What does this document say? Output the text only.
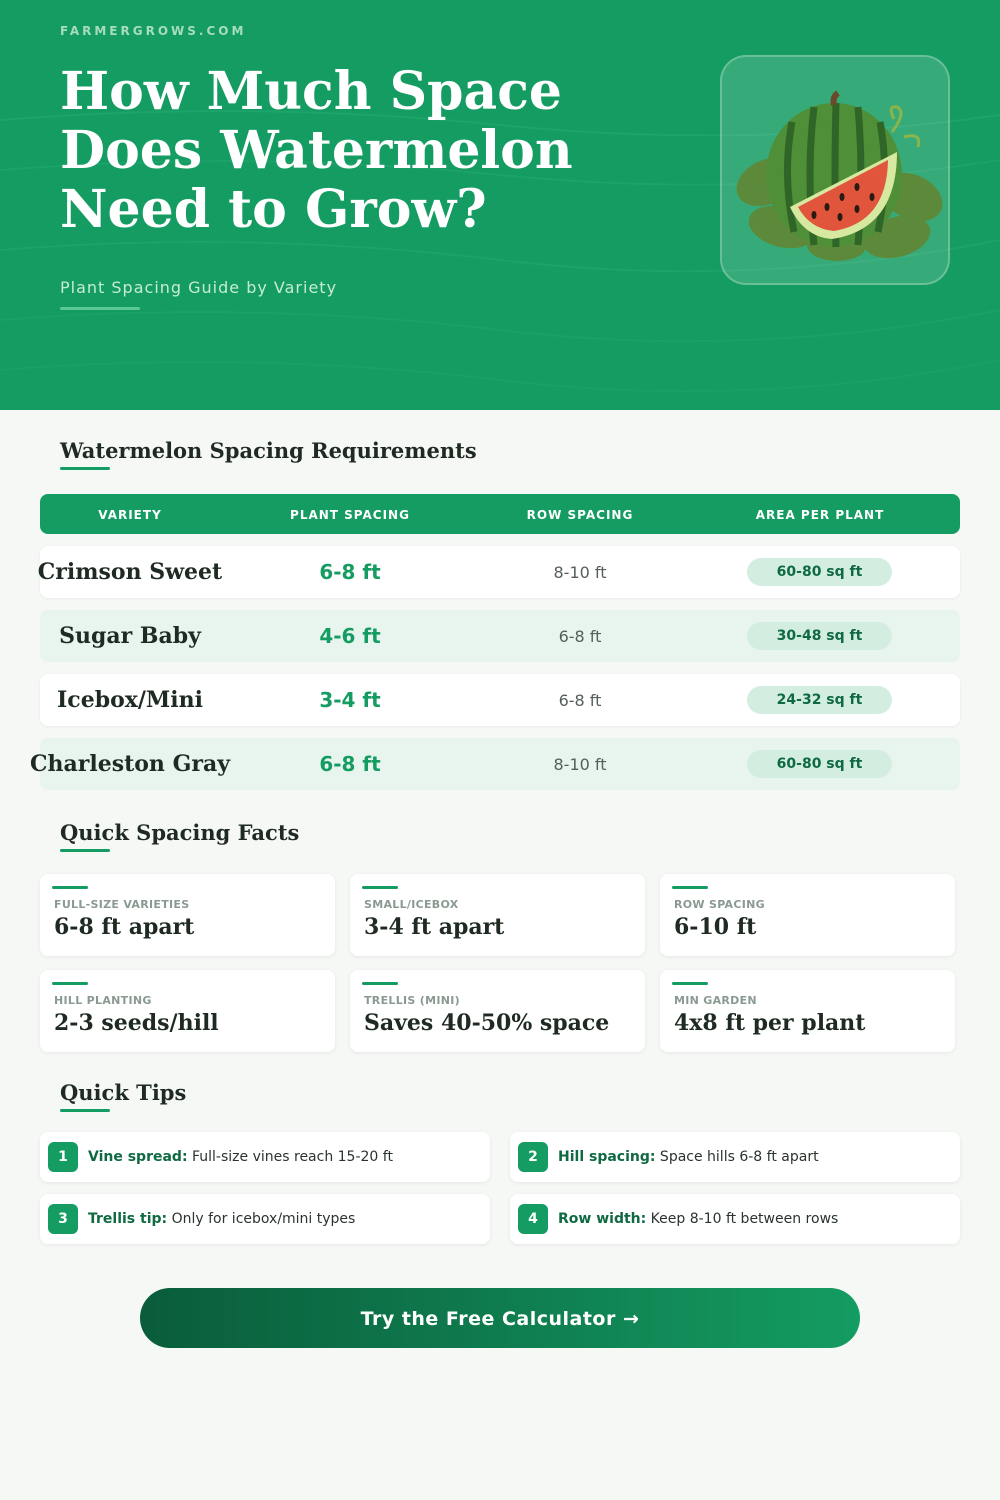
FARMERGROWS.COM
How Much Space Does Watermelon Need to Grow?
Plant Spacing Guide by Variety
Watermelon Spacing Requirements
VARIETY	PLANT SPACING	ROW SPACING	AREA PER PLANT
Crimson Sweet	6-8 ft	8-10 ft	60-80 sq ft
Sugar Baby	4-6 ft	6-8 ft	30-48 sq ft
Icebox/Mini	3-4 ft	6-8 ft	24-32 sq ft
Charleston Gray	6-8 ft	8-10 ft	60-80 sq ft
Quick Spacing Facts
FULL-SIZE VARIETIES
6-8 ft apart
SMALL/ICEBOX
3-4 ft apart
ROW SPACING
6-10 ft
HILL PLANTING
2-3 seeds/hill
TRELLIS (MINI)
Saves 40-50% space
MIN GARDEN
4x8 ft per plant
Quick Tips
1	Vine spread: Full-size vines reach 15-20 ft	2	Hill spacing: Space hills 6-8 ft apart
3	Trellis tip: Only for icebox/mini types	4	Row width: Keep 8-10 ft between rows
Try the Free Calculator →
